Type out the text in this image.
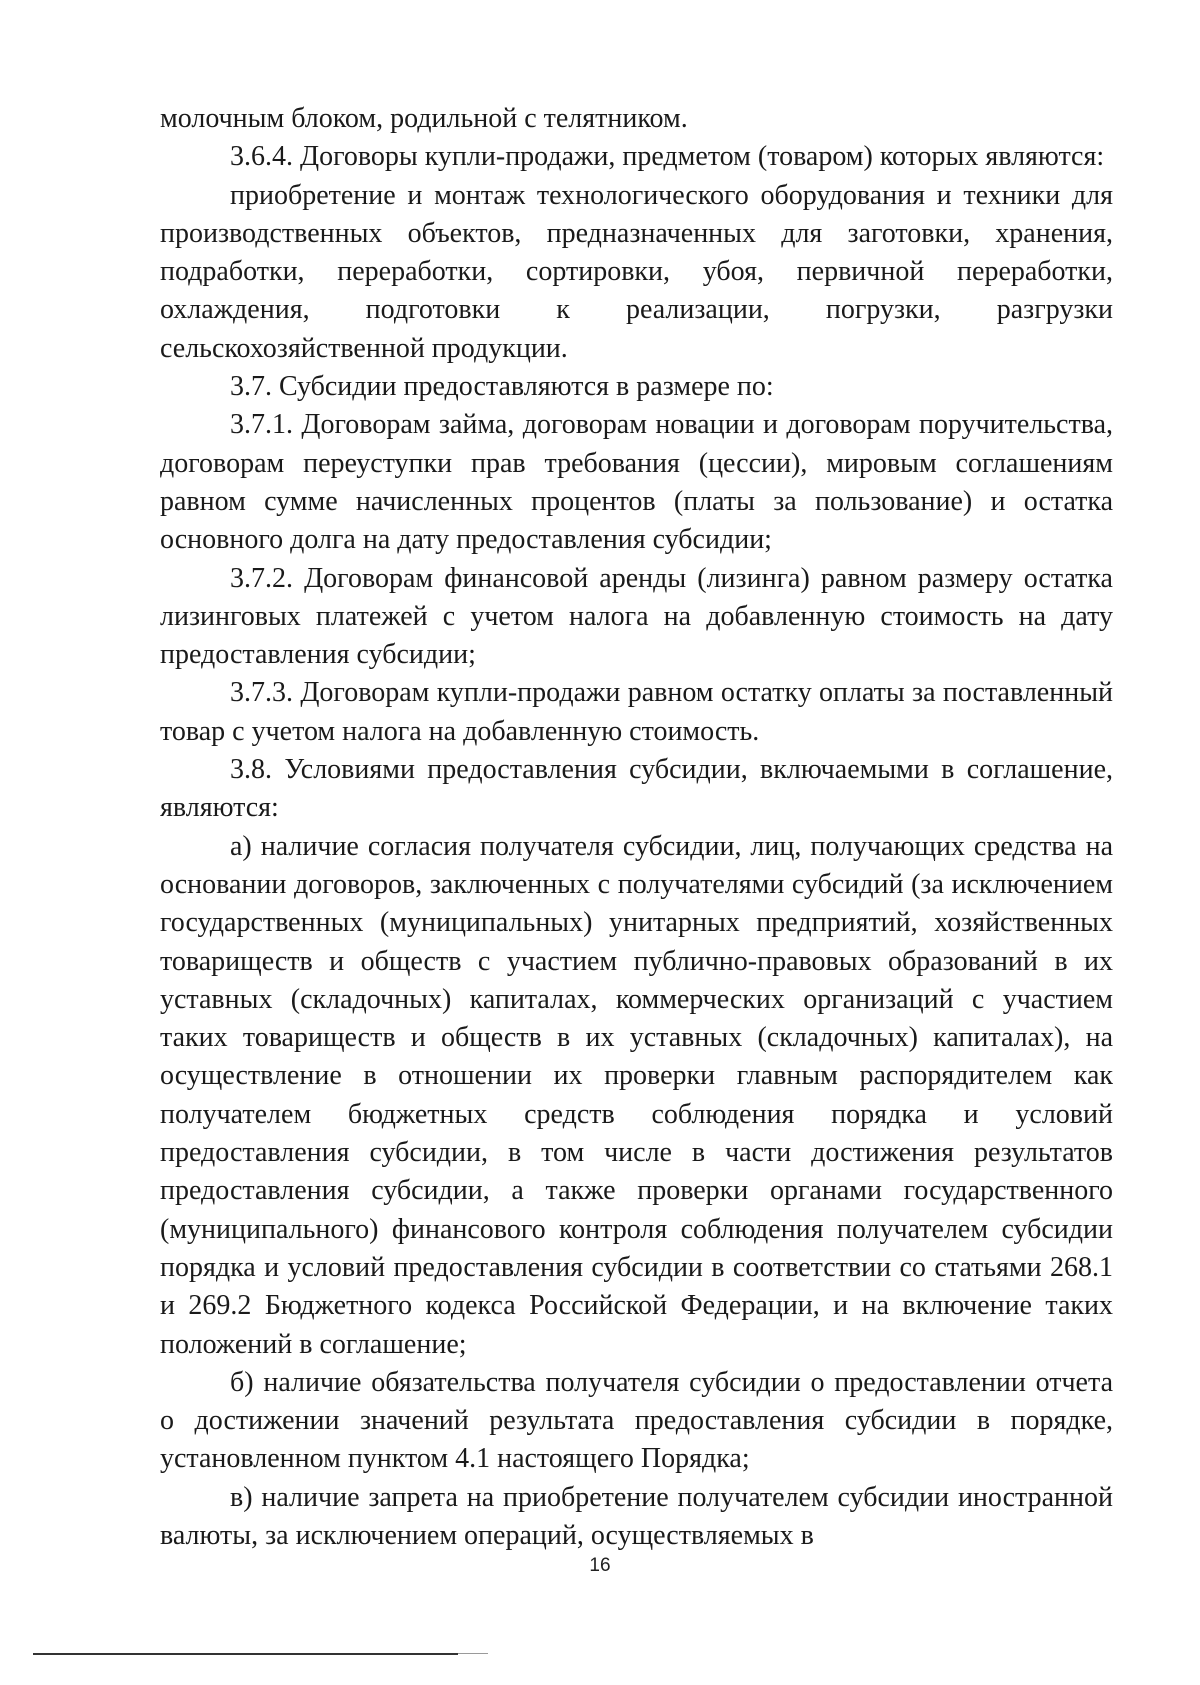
молочным блоком, родильной с телятником.

3.6.4. Договоры купли-продажи, предметом (товаром) которых являются:

приобретение и монтаж технологического оборудования и техники для производственных объектов, предназначенных для заготовки, хранения, подработки, переработки, сортировки, убоя, первичной переработки, охлаждения, подготовки к реализации, погрузки, разгрузки сельскохозяйственной продукции.

3.7. Субсидии предоставляются в размере по:

3.7.1. Договорам займа, договорам новации и договорам поручительства, договорам переуступки прав требования (цессии), мировым соглашениям равном сумме начисленных процентов (платы за пользование) и остатка основного долга на дату предоставления субсидии;

3.7.2. Договорам финансовой аренды (лизинга) равном размеру остатка лизинговых платежей с учетом налога на добавленную стоимость на дату предоставления субсидии;

3.7.3. Договорам купли-продажи равном остатку оплаты за поставленный товар с учетом налога на добавленную стоимость.

3.8. Условиями предоставления субсидии, включаемыми в соглашение, являются:

а) наличие согласия получателя субсидии, лиц, получающих средства на основании договоров, заключенных с получателями субсидий (за исключением государственных (муниципальных) унитарных предприятий, хозяйственных товариществ и обществ с участием публично-правовых образований в их уставных (складочных) капиталах, коммерческих организаций с участием таких товариществ и обществ в их уставных (складочных) капиталах), на осуществление в отношении их проверки главным распорядителем как получателем бюджетных средств соблюдения порядка и условий предоставления субсидии, в том числе в части достижения результатов предоставления субсидии, а также проверки органами государственного (муниципального) финансового контроля соблюдения получателем субсидии порядка и условий предоставления субсидии в соответствии со статьями 268.1 и 269.2 Бюджетного кодекса Российской Федерации, и на включение таких положений в соглашение;

б) наличие обязательства получателя субсидии о предоставлении отчета о достижении значений результата предоставления субсидии в порядке, установленном пунктом 4.1 настоящего Порядка;

в) наличие запрета на приобретение получателем субсидии иностранной валюты, за исключением операций, осуществляемых в

16
